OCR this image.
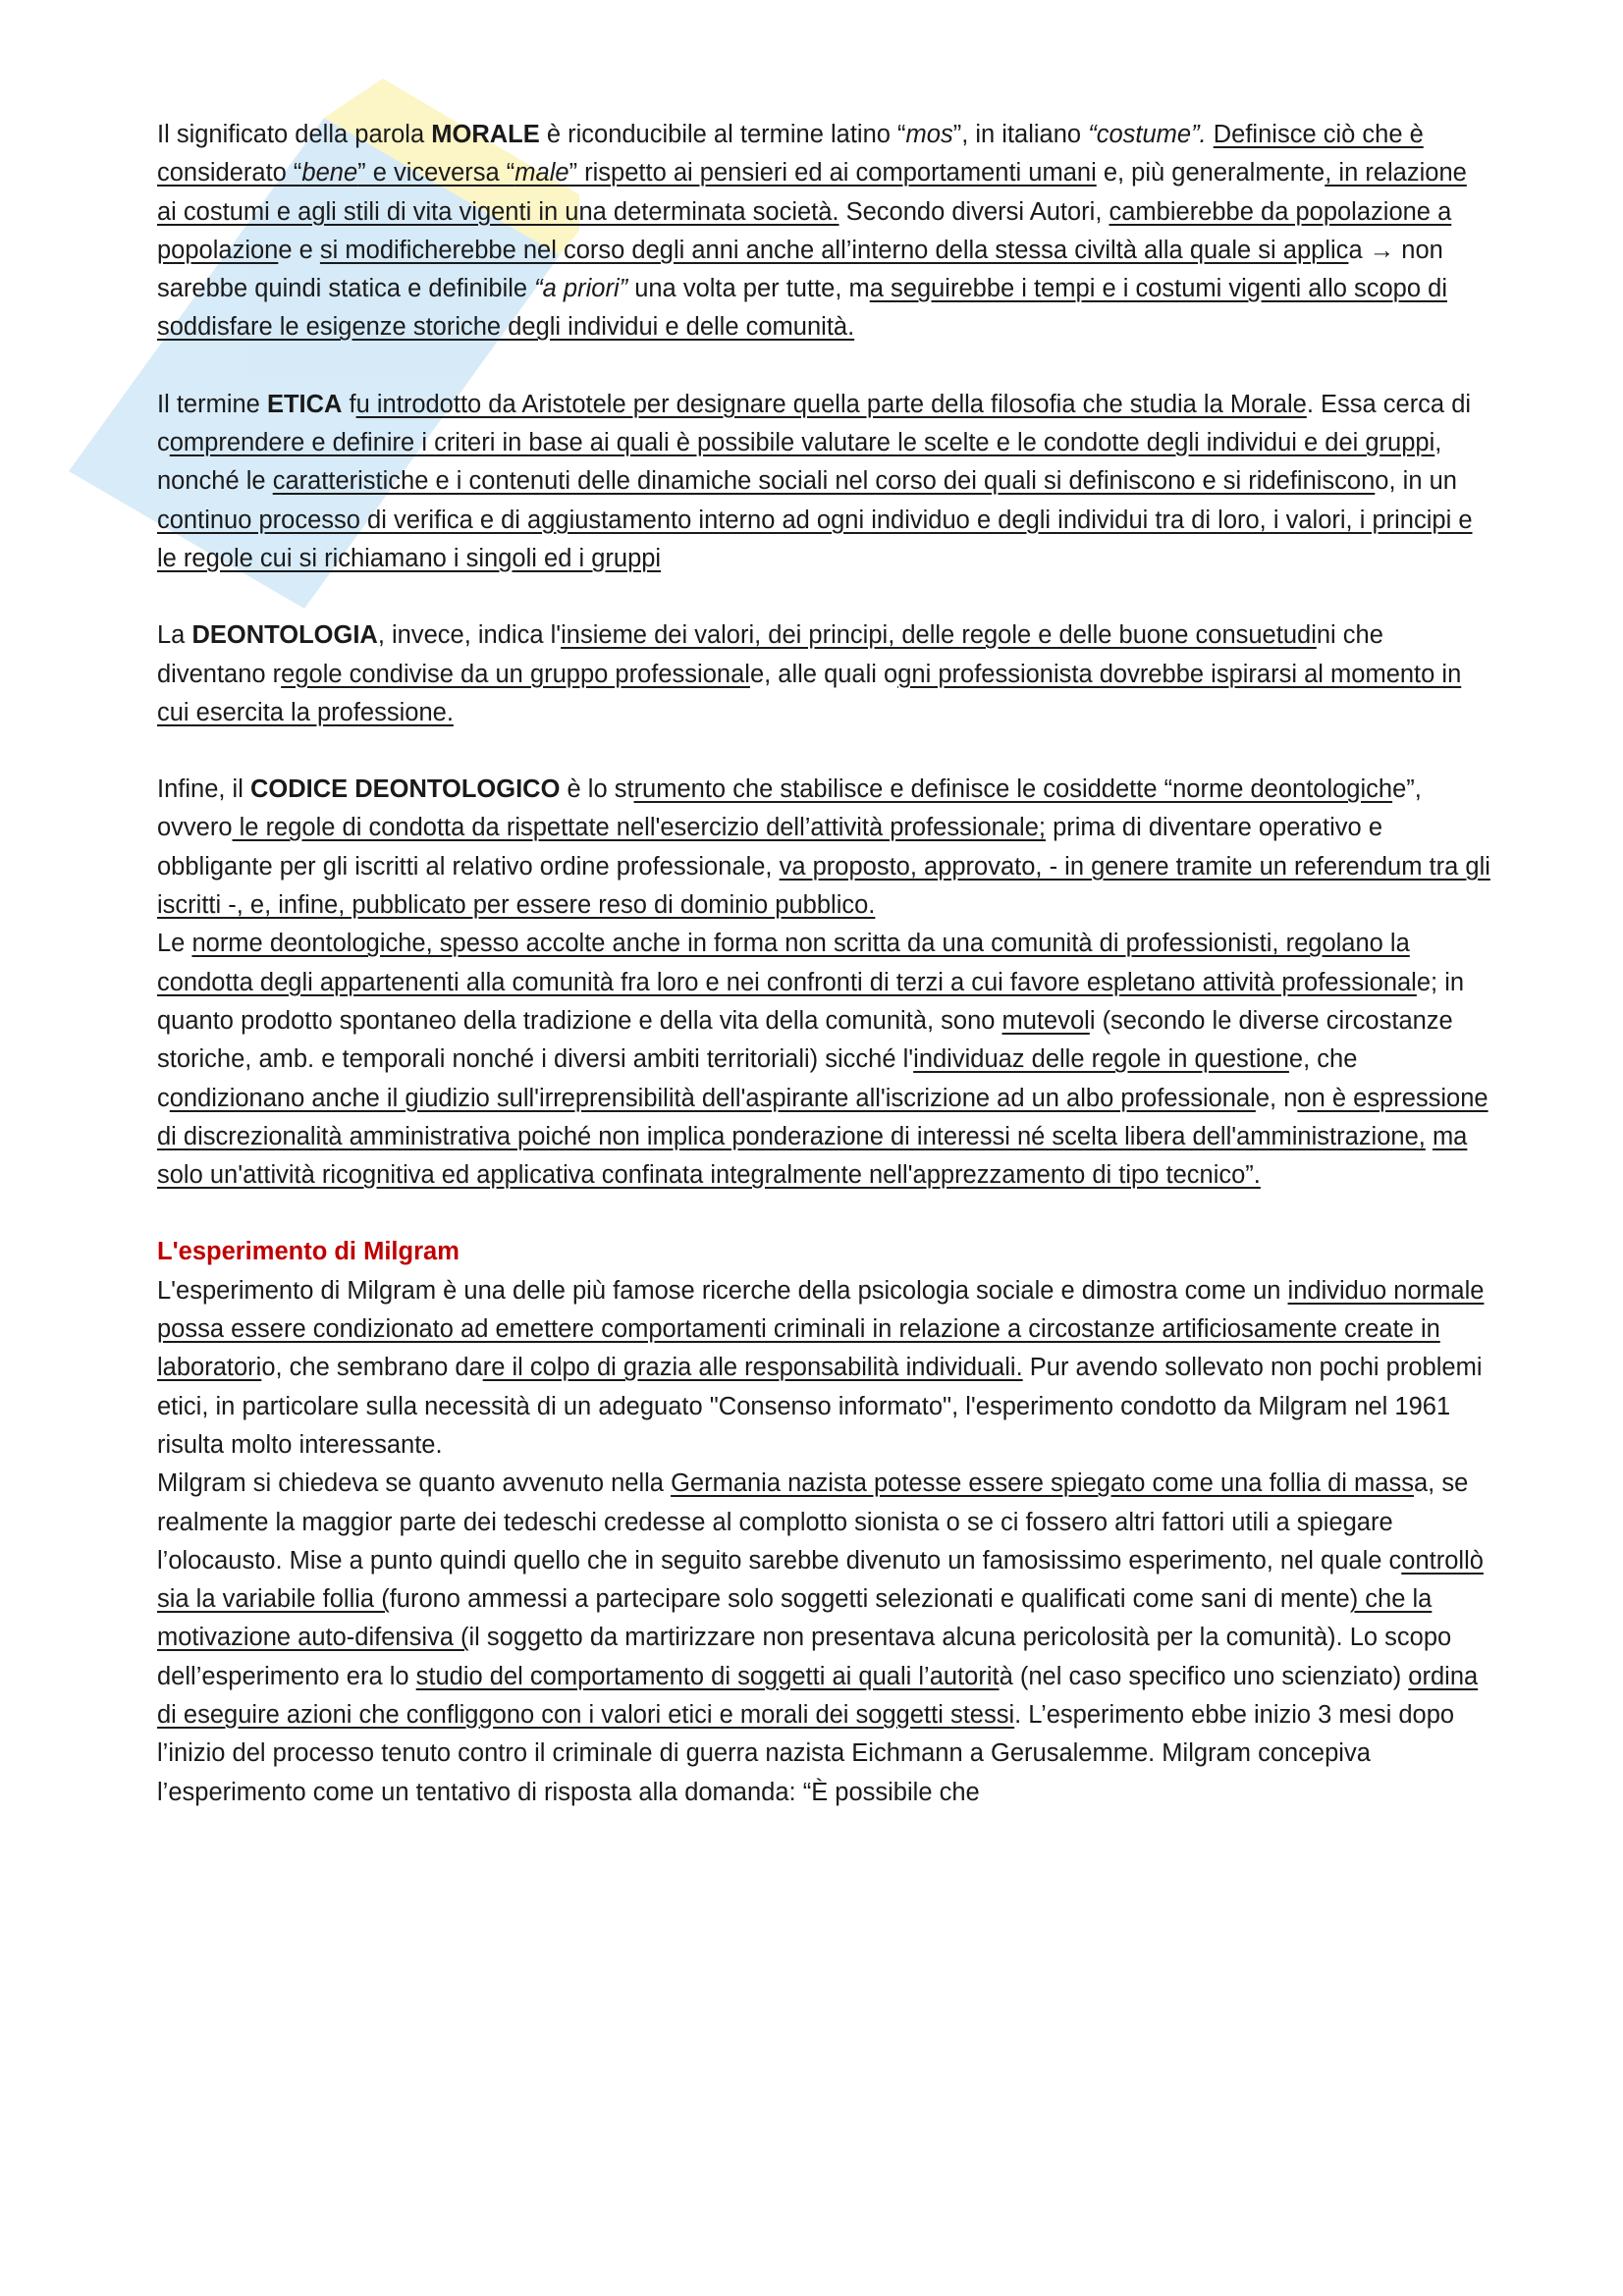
Il significato della parola MORALE è riconducibile al termine latino “mos”, in italiano “costume”. Definisce ciò che è considerato “bene” e viceversa “male” rispetto ai pensieri ed ai comportamenti umani e, più generalmente, in relazione ai costumi e agli stili di vita vigenti in una determinata società. Secondo diversi Autori, cambierebbe da popolazione a popolazione e si modificherebbe nel corso degli anni anche all’interno della stessa civiltà alla quale si applica → non sarebbe quindi statica e definibile “a priori” una volta per tutte, ma seguirebbe i tempi e i costumi vigenti allo scopo di soddisfare le esigenze storiche degli individui e delle comunità.

Il termine ETICA fu introdotto da Aristotele per designare quella parte della filosofia che studia la Morale. Essa cerca di comprendere e definire i criteri in base ai quali è possibile valutare le scelte e le condotte degli individui e dei gruppi, nonché le caratteristiche e i contenuti delle dinamiche sociali nel corso dei quali si definiscono e si ridefiniscono, in un continuo processo di verifica e di aggiustamento interno ad ogni individuo e degli individui tra di loro, i valori, i principi e le regole cui si richiamano i singoli ed i gruppi

La DEONTOLOGIA, invece, indica l'insieme dei valori, dei principi, delle regole e delle buone consuetudini che diventano regole condivise da un gruppo professionale, alle quali ogni professionista dovrebbe ispirarsi al momento in cui esercita la professione.

Infine, il CODICE DEONTOLOGICO è lo strumento che stabilisce e definisce le cosiddette “norme deontologiche”, ovvero le regole di condotta da rispettate nell'esercizio dell’attività professionale; prima di diventare operativo e obbligante per gli iscritti al relativo ordine professionale, va proposto, approvato, - in genere tramite un referendum tra gli iscritti -, e, infine, pubblicato per essere reso di dominio pubblico.

Le norme deontologiche, spesso accolte anche in forma non scritta da una comunità di professionisti, regolano la condotta degli appartenenti alla comunità fra loro e nei confronti di terzi a cui favore espletano attività professionale; in quanto prodotto spontaneo della tradizione e della vita della comunità, sono mutevoli (secondo le diverse circostanze storiche, amb. e temporali nonché i diversi ambiti territoriali) sicché l'individuaz delle regole in questione, che condizionano anche il giudizio sull'irreprensibilità dell'aspirante all'iscrizione ad un albo professionale, non è espressione di discrezionalità amministrativa poiché non implica ponderazione di interessi né scelta libera dell'amministrazione, ma solo un'attività ricognitiva ed applicativa confinata integralmente nell'apprezzamento di tipo tecnico”.

L'esperimento di Milgram

L'esperimento di Milgram è una delle più famose ricerche della psicologia sociale e dimostra come un individuo normale possa essere condizionato ad emettere comportamenti criminali in relazione a circostanze artificiosamente create in laboratorio, che sembrano dare il colpo di grazia alle responsabilità individuali. Pur avendo sollevato non pochi problemi etici, in particolare sulla necessità di un adeguato "Consenso informato", l'esperimento condotto da Milgram nel 1961 risulta molto interessante.

Milgram si chiedeva se quanto avvenuto nella Germania nazista potesse essere spiegato come una follia di massa, se realmente la maggior parte dei tedeschi credesse al complotto sionista o se ci fossero altri fattori utili a spiegare l’olocausto. Mise a punto quindi quello che in seguito sarebbe divenuto un famosissimo esperimento, nel quale controllò sia la variabile follia (furono ammessi a partecipare solo soggetti selezionati e qualificati come sani di mente) che la motivazione auto-difensiva (il soggetto da martirizzare non presentava alcuna pericolosità per la comunità). Lo scopo dell’esperimento era lo studio del comportamento di soggetti ai quali l’autorità (nel caso specifico uno scienziato) ordina di eseguire azioni che confliggono con i valori etici e morali dei soggetti stessi. L’esperimento ebbe inizio 3 mesi dopo l’inizio del processo tenuto contro il criminale di guerra nazista Eichmann a Gerusalemme. Milgram concepiva l’esperimento come un tentativo di risposta alla domanda: “È possibile che
